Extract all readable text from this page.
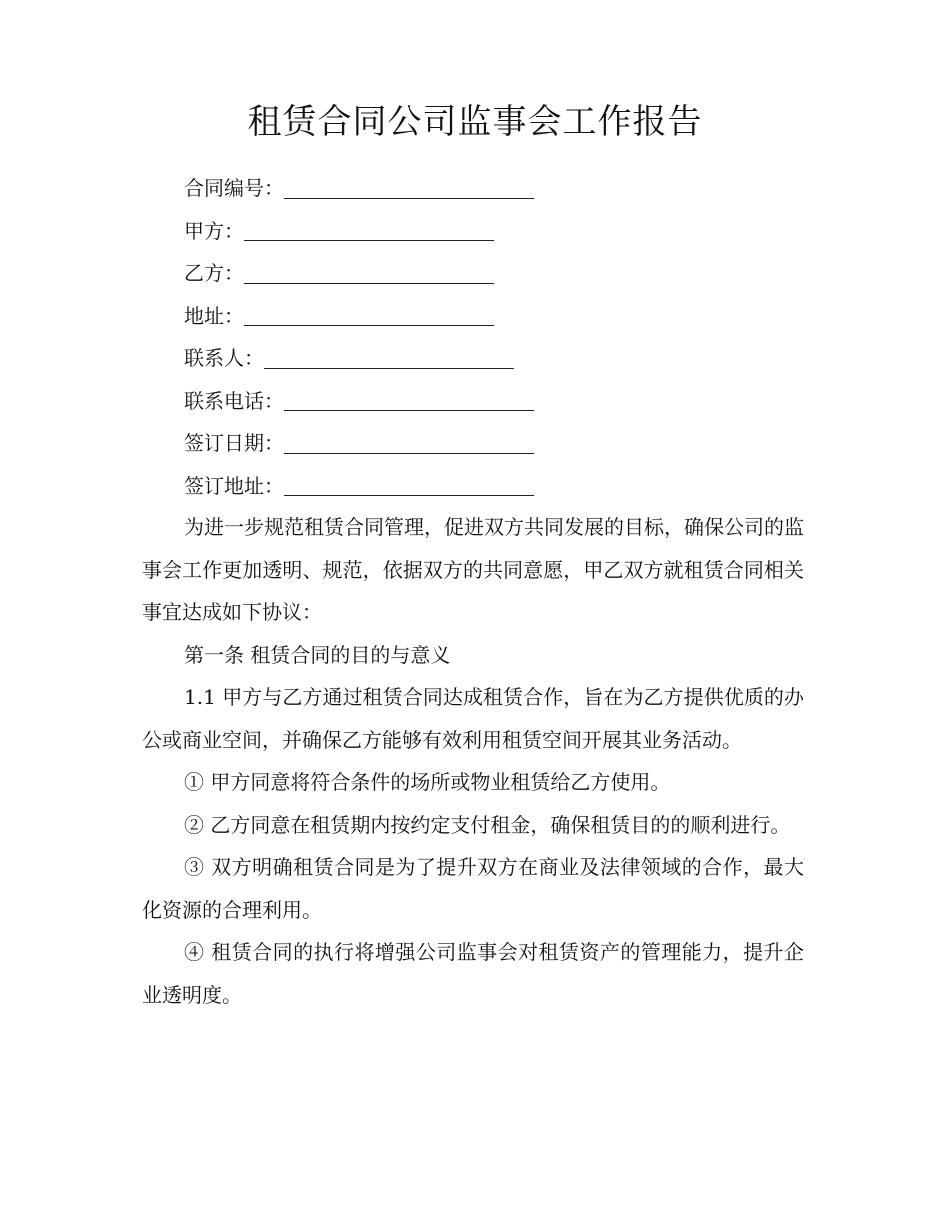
租赁合同公司监事会工作报告
合同编号：
甲方：
乙方：
地址：
联系人：
联系电话：
签订日期：
签订地址：

为进一步规范租赁合同管理，促进双方共同发展的目标，确保公司的监事会工作更加透明、规范，依据双方的共同意愿，甲乙双方就租赁合同相关事宜达成如下协议：

第一条 租赁合同的目的与意义

1.1 甲方与乙方通过租赁合同达成租赁合作，旨在为乙方提供优质的办公或商业空间，并确保乙方能够有效利用租赁空间开展其业务活动。

① 甲方同意将符合条件的场所或物业租赁给乙方使用。

② 乙方同意在租赁期内按约定支付租金，确保租赁目的的顺利进行。

③ 双方明确租赁合同是为了提升双方在商业及法律领域的合作，最大化资源的合理利用。

④ 租赁合同的执行将增强公司监事会对租赁资产的管理能力，提升企业透明度。
